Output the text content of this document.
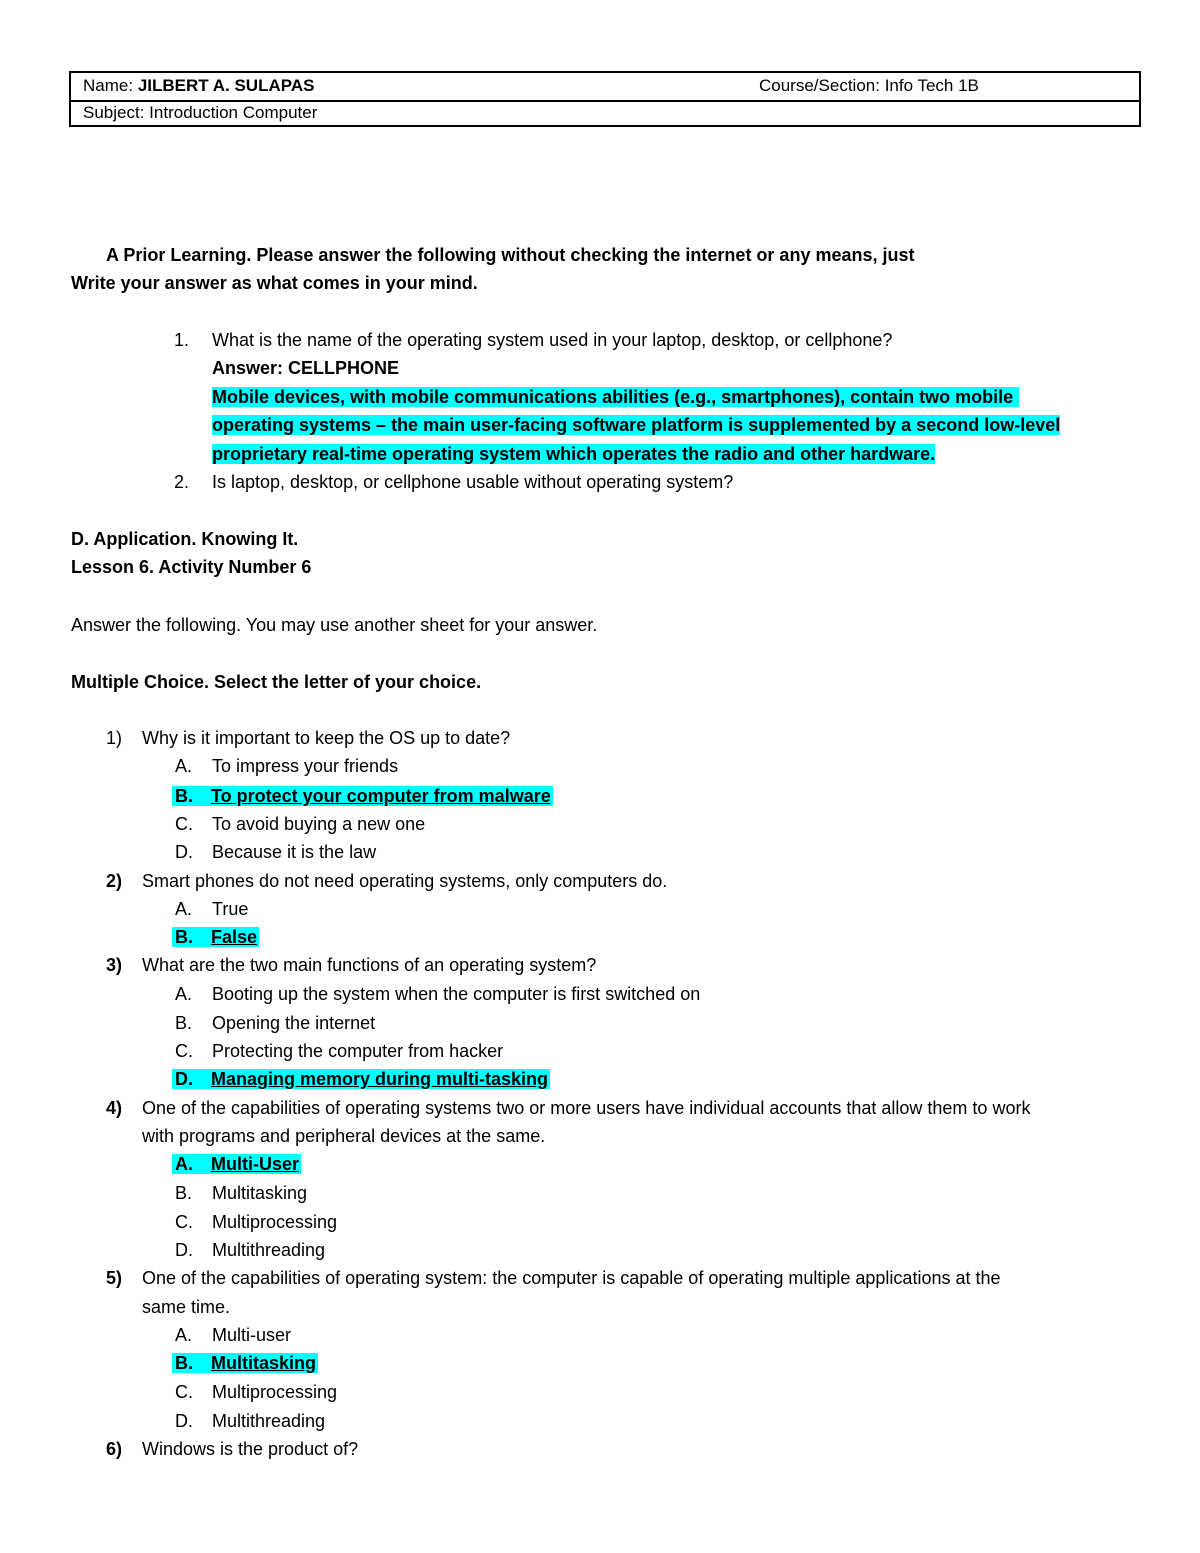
Name: JILBERT A. SULAPAS	Course/Section: Info Tech 1B
Subject: Introduction Computer
A Prior Learning. Please answer the following without checking the internet or any means, just
Write your answer as what comes in your mind.
1. What is the name of the operating system used in your laptop, desktop, or cellphone?
Answer: CELLPHONE
Mobile devices, with mobile communications abilities (e.g., smartphones), contain two mobile
operating systems – the main user-facing software platform is supplemented by a second low-level
proprietary real-time operating system which operates the radio and other hardware.
2. Is laptop, desktop, or cellphone usable without operating system?
D. Application. Knowing It.
Lesson 6. Activity Number 6
Answer the following. You may use another sheet for your answer.
Multiple Choice. Select the letter of your choice.
1) Why is it important to keep the OS up to date?
A. To impress your friends
B. To protect your computer from malware
C. To avoid buying a new one
D. Because it is the law
2) Smart phones do not need operating systems, only computers do.
A. True
B. False
3) What are the two main functions of an operating system?
A. Booting up the system when the computer is first switched on
B. Opening the internet
C. Protecting the computer from hacker
D. Managing memory during multi-tasking
4) One of the capabilities of operating systems two or more users have individual accounts that allow them to work
with programs and peripheral devices at the same.
A. Multi-User
B. Multitasking
C. Multiprocessing
D. Multithreading
5) One of the capabilities of operating system: the computer is capable of operating multiple applications at the
same time.
A. Multi-user
B. Multitasking
C. Multiprocessing
D. Multithreading
6) Windows is the product of?
